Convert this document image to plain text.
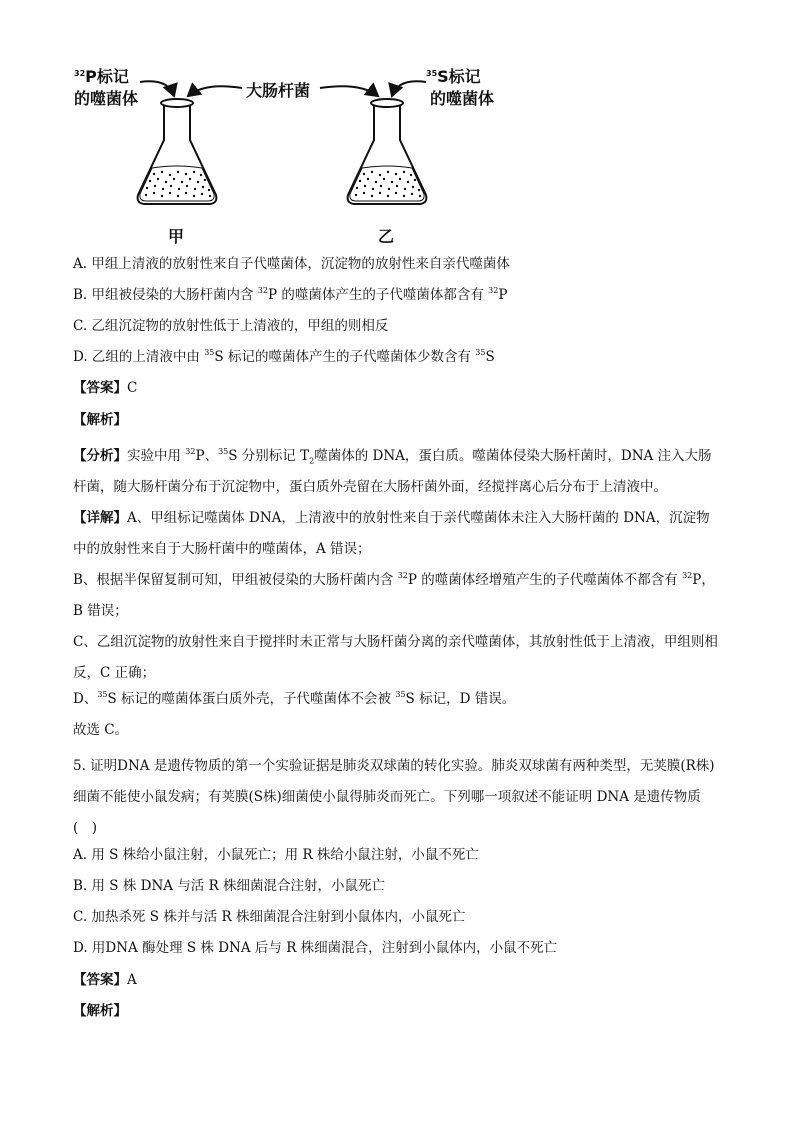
$^{32}$P标记
的噬菌体	大肠杆菌
$^{35}$S标记
的噬菌体
甲	乙
A. 甲组上清液的放射性来自子代噬菌体，沉淀物的放射性来自亲代噬菌体
B. 甲组被侵染的大肠杆菌内含 $^{32}$P 的噬菌体产生的子代噬菌体都含有 $^{32}$P
C. 乙组沉淀物的放射性低于上清液的，甲组的则相反
D. 乙组的上清液中由 $^{35}$S 标记的噬菌体产生的子代噬菌体少数含有 $^{35}$S
【答案】C
【解析】
【分析】实验中用 $^{32}$P、$^{35}$S 分别标记 $T_2$噬菌体的 DNA，蛋白质。噬菌体侵染大肠杆菌时，DNA 注入大肠杆菌，随大肠杆菌分布于沉淀物中，蛋白质外壳留在大肠杆菌外面，经搅拌离心后分布于上清液中。
【详解】A、甲组标记噬菌体 DNA，上清液中的放射性来自于亲代噬菌体未注入大肠杆菌的 DNA，沉淀物中的放射性来自于大肠杆菌中的噬菌体，A 错误；
B、根据半保留复制可知，甲组被侵染的大肠杆菌内含 $^{32}$P 的噬菌体经增殖产生的子代噬菌体不都含有 $^{32}$P，B 错误；
C、乙组沉淀物的放射性来自于搅拌时未正常与大肠杆菌分离的亲代噬菌体，其放射性低于上清液，甲组则相反，C 正确；
D、$^{35}$S 标记的噬菌体蛋白质外壳，子代噬菌体不会被 $^{35}$S 标记，D 错误。
故选 C。
5. 证明DNA 是遗传物质的第一个实验证据是肺炎双球菌的转化实验。肺炎双球菌有两种类型，无荚膜(R株)细菌不能使小鼠发病；有荚膜(S株)细菌使小鼠得肺炎而死亡。下列哪一项叙述不能证明 DNA 是遗传物质(　)
A. 用 S 株给小鼠注射，小鼠死亡；用 R 株给小鼠注射，小鼠不死亡
B. 用 S 株 DNA 与活 R 株细菌混合注射，小鼠死亡
C. 加热杀死 S 株并与活 R 株细菌混合注射到小鼠体内，小鼠死亡
D. 用DNA 酶处理 S 株 DNA 后与 R 株细菌混合，注射到小鼠体内，小鼠不死亡
【答案】A
【解析】
